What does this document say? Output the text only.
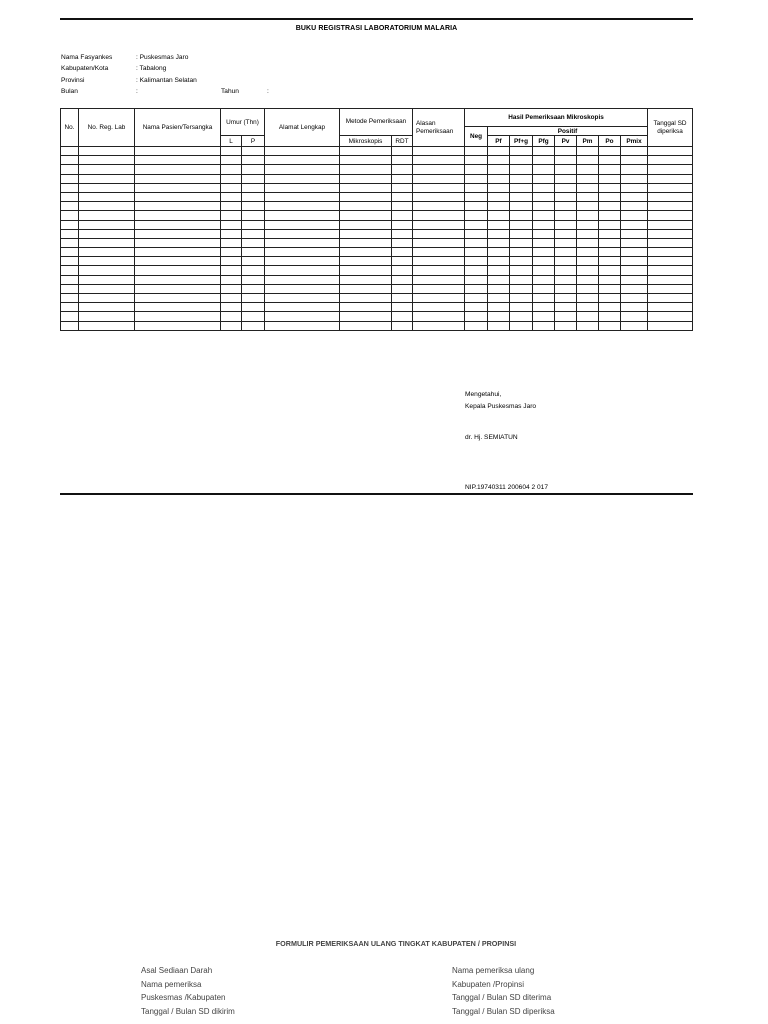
BUKU REGISTRASI LABORATORIUM MALARIA
Nama Fasyankes	: Puskesmas Jaro
Kabupaten/Kota	: Tabalong
Provinsi	: Kalimantan Selatan
Bulan	:	Tahun	:
No.	No. Reg. Lab	Nama Pasien/Tersangka	Umur (Thn)		Alamat Lengkap	Metode Pemeriksaan		Alasan Pemeriksaan	Hasil Pemeriksaan Mikroskopis								Tanggal SD diperiksa
									Neg	Positif							
			L	P		Mikroskopis	RDT			Pf	Pf+g	Pfg	Pv	Pm	Po	Pmix	

Mengetahui,
Kepala Puskesmas Jaro
dr. Hj. SEMIATUN
NIP.19740311 200604 2 017
FORMULIR PEMERIKSAAN ULANG TINGKAT KABUPATEN / PROPINSI
Asal Sediaan Darah
Nama pemeriksa
Puskesmas /Kabupaten
Tanggal / Bulan SD dikirim
Nama pemeriksa ulang
Kabupaten /Propinsi
Tanggal / Bulan SD diterima
Tanggal / Bulan SD diperiksa
